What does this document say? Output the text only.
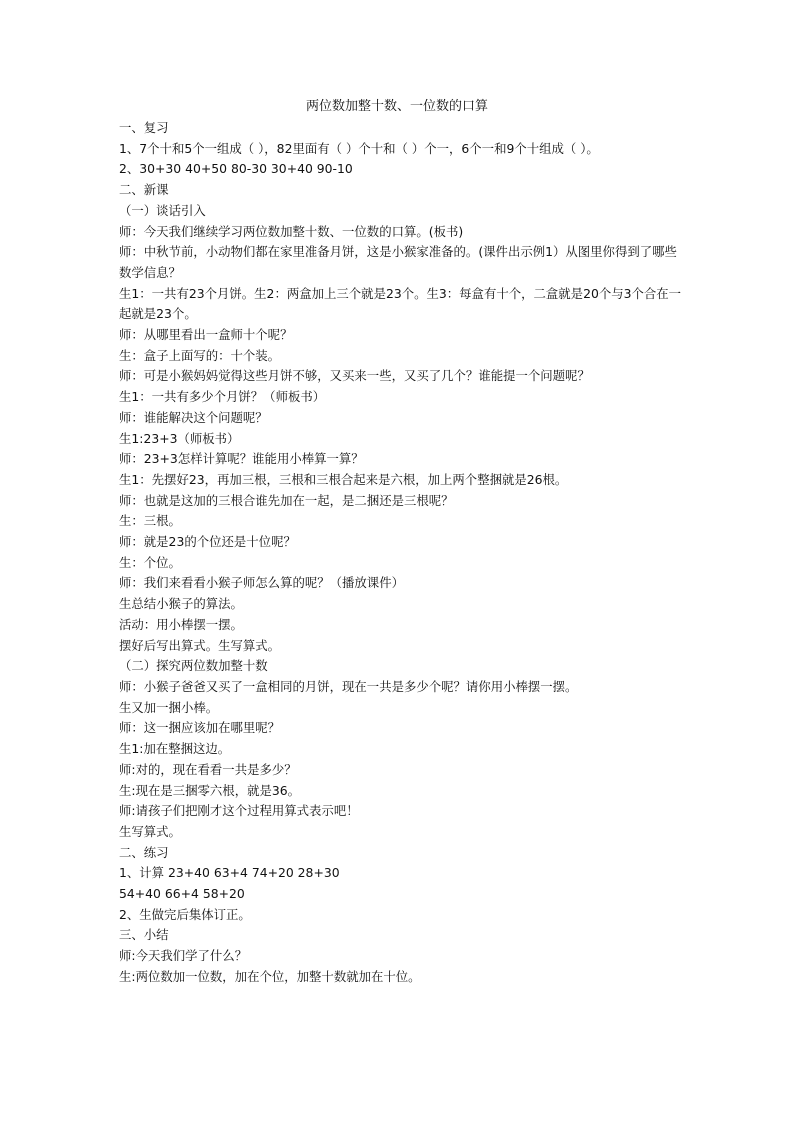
两位数加整十数、一位数的口算
一、复习
1、7个十和5个一组成（ ），82里面有（ ）个十和（ ）个一，6个一和9个十组成（ ）。
2、30+30 40+50 80-30 30+40 90-10
二、新课
（一）谈话引入
师：今天我们继续学习两位数加整十数、一位数的口算。(板书)
师：中秋节前，小动物们都在家里准备月饼，这是小猴家准备的。(课件出示例1）从图里你得到了哪些数学信息？
生1：一共有23个月饼。生2：两盒加上三个就是23个。生3：每盒有十个，二盒就是20个与3个合在一起就是23个。
师：从哪里看出一盒师十个呢？
生：盒子上面写的：十个装。
师：可是小猴妈妈觉得这些月饼不够，又买来一些，又买了几个？谁能提一个问题呢？
生1：一共有多少个月饼？（师板书）
师：谁能解决这个问题呢？
生1:23+3（师板书）
师：23+3怎样计算呢？谁能用小棒算一算？
生1：先摆好23，再加三根，三根和三根合起来是六根，加上两个整捆就是26根。
师：也就是这加的三根合谁先加在一起，是二捆还是三根呢？
生：三根。
师：就是23的个位还是十位呢？
生：个位。
师：我们来看看小猴子师怎么算的呢？（播放课件）
生总结小猴子的算法。
活动：用小棒摆一摆。
摆好后写出算式。生写算式。
（二）探究两位数加整十数
师：小猴子爸爸又买了一盒相同的月饼，现在一共是多少个呢？请你用小棒摆一摆。
生又加一捆小棒。
师：这一捆应该加在哪里呢？
生1:加在整捆这边。
师:对的，现在看看一共是多少？
生:现在是三捆零六根，就是36。
师:请孩子们把刚才这个过程用算式表示吧！
生写算式。
二、练习
1、计算 23+40 63+4 74+20 28+30
54+40 66+4 58+20
2、生做完后集体订正。
三、小结
师:今天我们学了什么？
生:两位数加一位数，加在个位，加整十数就加在十位。
